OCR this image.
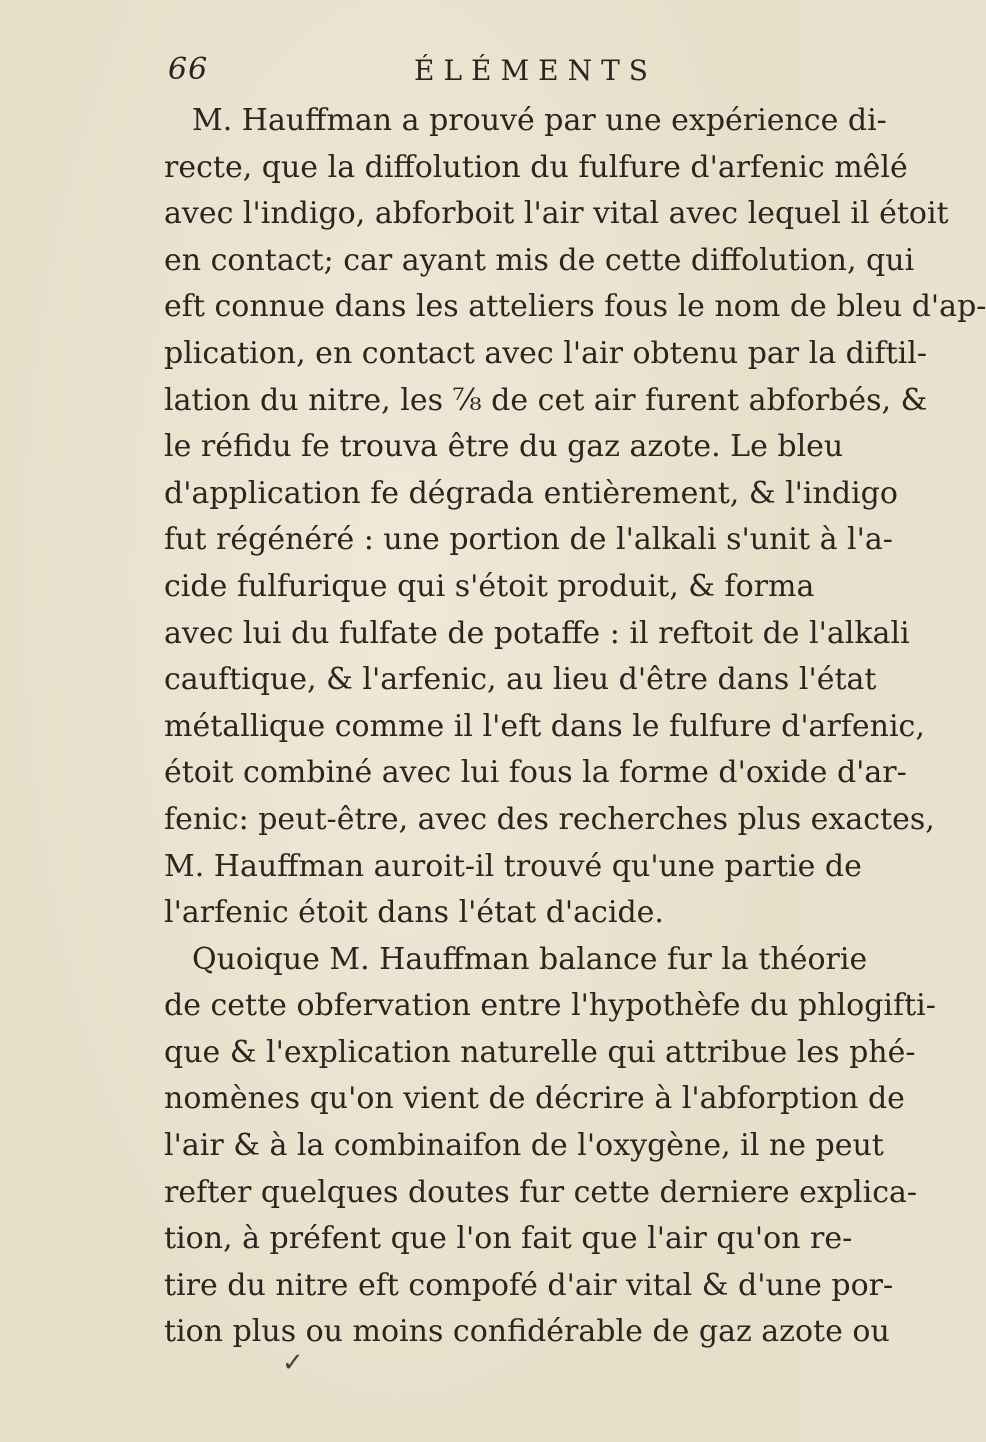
66	ÉLÉMENTS
M. Hauffman a prouvé par une expérience di-
recte, que la diffolution du fulfure d'arfenic mêlé
avec l'indigo, abforboit l'air vital avec lequel il étoit
en contact; car ayant mis de cette diffolution, qui
eft connue dans les atteliers fous le nom de bleu d'ap-
plication, en contact avec l'air obtenu par la diftil-
lation du nitre, les ⅞ de cet air furent abforbés, &
le réfidu fe trouva être du gaz azote. Le bleu
d'application fe dégrada entièrement, & l'indigo
fut régénéré : une portion de l'alkali s'unit à l'a-
cide fulfurique qui s'étoit produit, & forma
avec lui du fulfate de potaffe : il reftoit de l'alkali
cauftique, & l'arfenic, au lieu d'être dans l'état
métallique comme il l'eft dans le fulfure d'arfenic,
étoit combiné avec lui fous la forme d'oxide d'ar-
fenic: peut-être, avec des recherches plus exactes,
M. Hauffman auroit-il trouvé qu'une partie de
l'arfenic étoit dans l'état d'acide.
Quoique M. Hauffman balance fur la théorie
de cette obfervation entre l'hypothèfe du phlogifti-
que & l'explication naturelle qui attribue les phé-
nomènes qu'on vient de décrire à l'abforption de
l'air & à la combinaifon de l'oxygène, il ne peut
refter quelques doutes fur cette derniere explica-
tion, à préfent que l'on fait que l'air qu'on re-
tire du nitre eft compofé d'air vital & d'une por-
tion plus ou moins confidérable de gaz azote ou
✓
